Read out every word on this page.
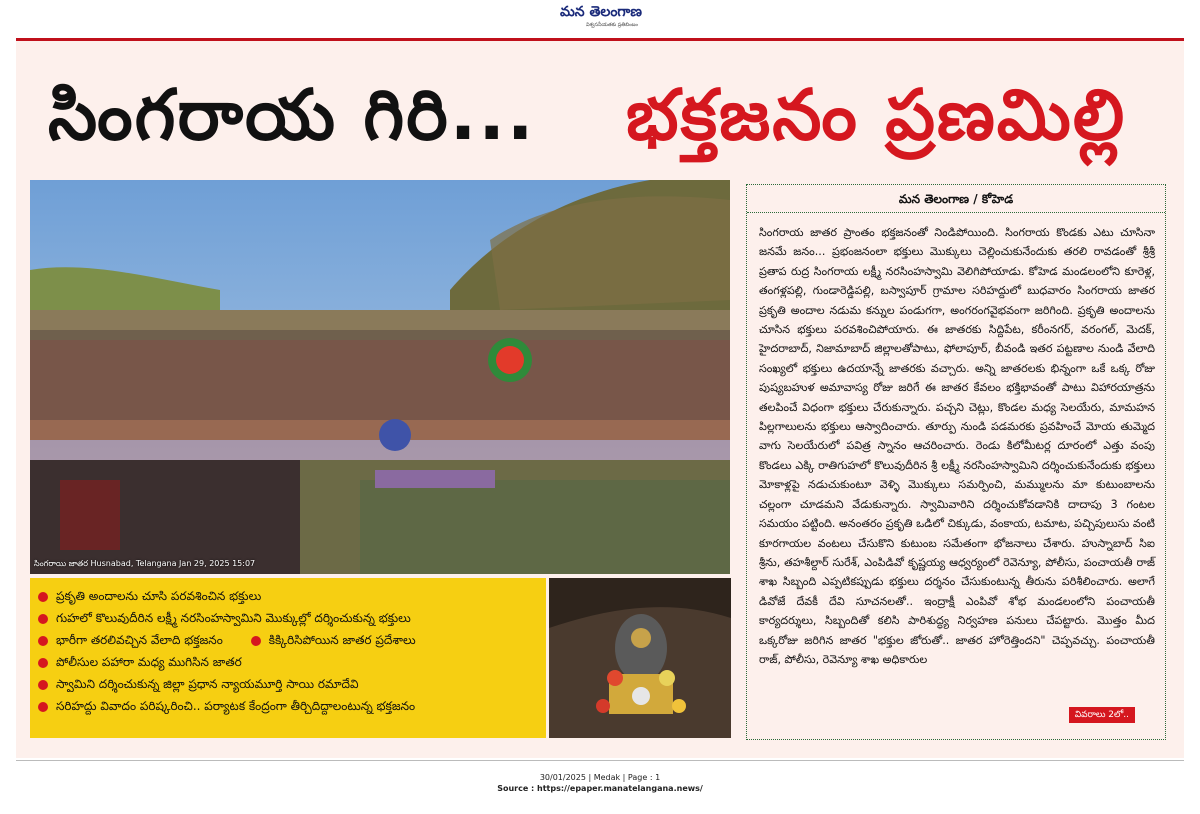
మన తెలంగాణ
విశ్వసనీయతకు ప్రతిబింబం
సింగరాయ గిరి... భక్తజనం ప్రణమిల్లి
సింగరాయి జాతర Husnabad, Telangana Jan 29, 2025 15:07
ప్రకృతి అందాలను చూసి పరవశించిన భక్తులు
గుహలో కొలువుదీరిన లక్ష్మీ నరసింహస్వామిని మొక్కుల్లో దర్శించుకున్న భక్తులు
భారీగా తరలివచ్చిన వేలాది భక్తజనం	కిక్కిరిసిపోయిన జాతర ప్రదేశాలు
పోలీసుల పహారా మధ్య ముగిసిన జాతర
స్వామిని దర్శించుకున్న జిల్లా ప్రధాన న్యాయమూర్తి సాయి రమాదేవి
సరిహద్దు వివాదం పరిష్కరించి.. పర్యాటక కేంద్రంగా తీర్చిదిద్దాలంటున్న భక్తజనం
మన తెలంగాణ / కోహెడ
సింగరాయ జాతర ప్రాంతం భక్తజనంతో నిండిపోయింది. సింగరాయ కొండకు ఎటు చూసినా జనమే జనం... ప్రభంజనంలా భక్తులు మొక్కులు చెల్లించుకునేందుకు తరలి రావడంతో శ్రీశ్రీ ప్రతాప రుద్ర సింగరాయ లక్ష్మీ నరసింహస్వామి వెలిగిపోయాడు. కోహెడ మండలంలోని కూరెళ్ల, తంగళ్లపల్లి, గుండారెడ్డిపల్లి, బస్వాపూర్ గ్రామాల సరిహద్దులో బుధవారం సింగరాయ జాతర ప్రకృతి అందాల నడుమ కన్నుల పండుగగా, అంగరంగవైభవంగా జరిగింది. ప్రకృతి అందాలను చూసిన భక్తులు పరవశించిపోయారు. ఈ జాతరకు సిద్దిపేట, కరీంనగర్, వరంగల్, మెదక్, హైదరాబాద్, నిజామాబాద్ జిల్లాలతోపాటు, ఫోలాపూర్, బీవండి ఇతర పట్టణాల నుండి వేలాది సంఖ్యలో భక్తులు ఉదయాన్నే జాతరకు వచ్చారు. అన్ని జాతరలకు భిన్నంగా ఒకే ఒక్క రోజు పుష్యబహుళ అమావాస్య రోజు జరిగే ఈ జాతర కేవలం భక్తిభావంతో పాటు విహారయాత్రను తలపించే విధంగా భక్తులు చేరుకున్నారు. పచ్చని చెట్లు, కొండల మధ్య సెలయేరు, మామహన పిల్లగాలులను భక్తులు ఆస్వాదించారు. తూర్పు నుండి పడమరకు ప్రవహించే మోయ తుమ్మెద వాగు సెలయేరులో పవిత్ర స్నానం ఆచరించారు. రెండు కిలోమీటర్ల దూరంలో ఎత్తు వంపు కొండలు ఎక్కి రాతిగుహలో కొలువుదీరిన శ్రీ లక్ష్మీ నరసింహస్వామిని దర్శించుకునేందుకు భక్తులు మోకాళ్లపై నడుచుకుంటూ వెళ్ళి మొక్కులు సమర్పించి, మమ్ములను మా కుటుంబాలను చల్లంగా చూడమని వేడుకున్నారు. స్వామివారిని దర్శించుకోవడానికి దాదాపు 3 గంటల సమయం పట్టింది. అనంతరం ప్రకృతి ఒడిలో చిక్కుడు, వంకాయ, టమాట, పచ్చిపులుసు వంటి కూరగాయల వంటలు చేసుకొని కుటుంబ సమేతంగా భోజనాలు చేశారు. హుస్నాబాద్ సిఐ శ్రీను, తహశీల్దార్ సురేశ్, ఎంపిడివో కృష్ణయ్య ఆధ్వర్యంలో రెవెన్యూ, పోలీసు, పంచాయతీ రాజ్ శాఖ సిబ్బంది ఎప్పటికప్పుడు భక్తులు దర్శనం చేసుకుంటున్న తీరును పరిశీలించారు. అలాగే డివోజే దేవకీ దేవి సూచనలతో.. ఇంద్రాక్షీ ఎంపివో శోభ మండలంలోని పంచాయతీ కార్యదర్శులు, సిబ్బందితో కలిసి పారిశుద్ధ్య నిర్వహణ పనులు చేపట్టారు. మొత్తం మీద ఒక్కరోజు జరిగిన జాతర "భక్తుల జోరుతో.. జాతర హోరెత్తిందని" చెప్పవచ్చు. పంచాయతీ రాజ్, పోలీసు, రెవెన్యూ శాఖ అధికారుల
వివరాలు 2లో..
30/01/2025 | Medak | Page : 1
Source : https://epaper.manatelangana.news/
